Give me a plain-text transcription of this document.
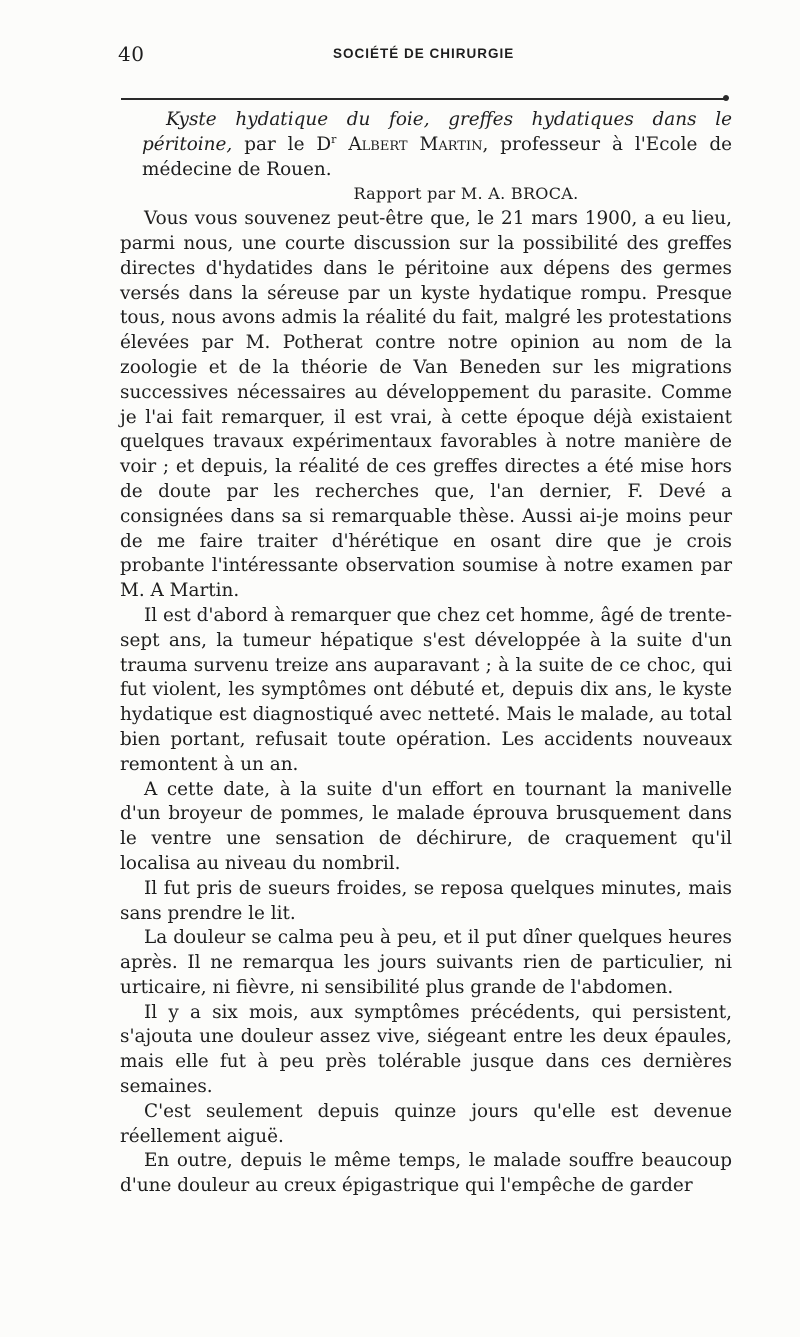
40	SOCIÉTÉ DE CHIRURGIE

Kyste hydatique du foie, greffes hydatiques dans le péritoine, par le $D^r$ Albert Martin, professeur à l'Ecole de médecine de Rouen.

Rapport par M. A. BROCA.

Vous vous souvenez peut-être que, le 21 mars 1900, a eu lieu, parmi nous, une courte discussion sur la possibilité des greffes directes d'hydatides dans le péritoine aux dépens des germes versés dans la séreuse par un kyste hydatique rompu. Presque tous, nous avons admis la réalité du fait, malgré les protestations élevées par M. Potherat contre notre opinion au nom de la zoologie et de la théorie de Van Beneden sur les migrations successives nécessaires au développement du parasite. Comme je l'ai fait remarquer, il est vrai, à cette époque déjà existaient quelques travaux expérimentaux favorables à notre manière de voir ; et depuis, la réalité de ces greffes directes a été mise hors de doute par les recherches que, l'an dernier, F. Devé a consignées dans sa si remarquable thèse. Aussi ai-je moins peur de me faire traiter d'hérétique en osant dire que je crois probante l'intéressante observation soumise à notre examen par M. A Martin.

Il est d'abord à remarquer que chez cet homme, âgé de trente-sept ans, la tumeur hépatique s'est développée à la suite d'un trauma survenu treize ans auparavant ; à la suite de ce choc, qui fut violent, les symptômes ont débuté et, depuis dix ans, le kyste hydatique est diagnostiqué avec netteté. Mais le malade, au total bien portant, refusait toute opération. Les accidents nouveaux remontent à un an.

A cette date, à la suite d'un effort en tournant la manivelle d'un broyeur de pommes, le malade éprouva brusquement dans le ventre une sensation de déchirure, de craquement qu'il localisa au niveau du nombril.

Il fut pris de sueurs froides, se reposa quelques minutes, mais sans prendre le lit.

La douleur se calma peu à peu, et il put dîner quelques heures après. Il ne remarqua les jours suivants rien de particulier, ni urticaire, ni fièvre, ni sensibilité plus grande de l'abdomen.

Il y a six mois, aux symptômes précédents, qui persistent, s'ajouta une douleur assez vive, siégeant entre les deux épaules, mais elle fut à peu près tolérable jusque dans ces dernières semaines.

C'est seulement depuis quinze jours qu'elle est devenue réellement aiguë.

En outre, depuis le même temps, le malade souffre beaucoup d'une douleur au creux épigastrique qui l'empêche de garder
